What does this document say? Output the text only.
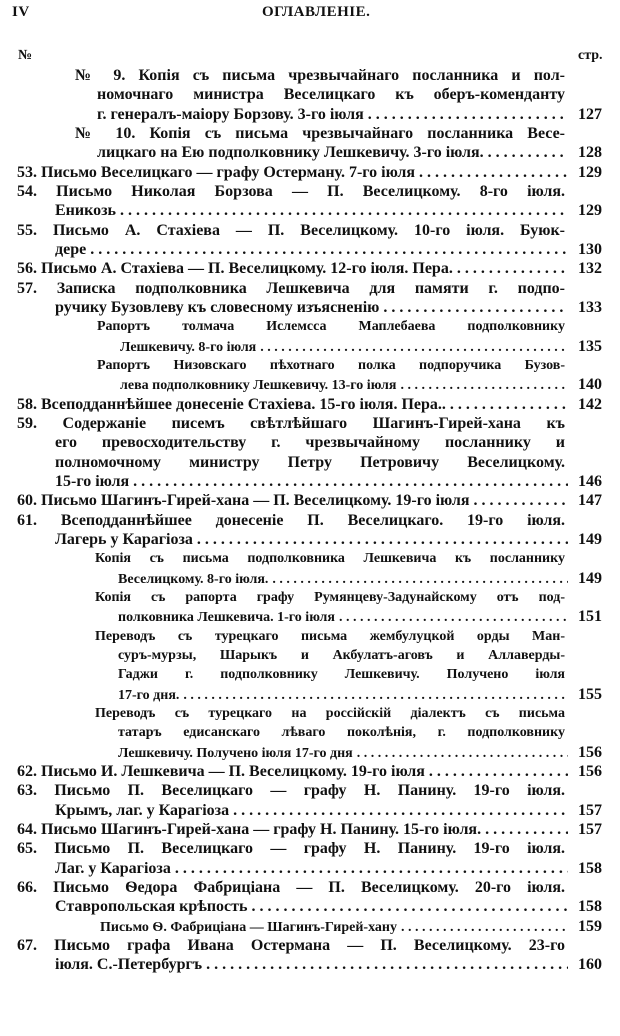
IV	ОГЛАВЛЕНІЕ.
№	стр.
№ 9. Копія съ письма чрезвычайнаго посланника и пол-
номочнаго министра Веселицкаго къ оберъ-коменданту
г. генералъ-маіору Борзову. 3-го іюля . . .	127
№ 10. Копія съ письма чрезвычайнаго посланника Весе-
лицкаго на Ею подполковнику Лешкевичу. 3-го іюля. . . .	128
53. Письмо Веселицкаго — графу Остерману. 7-го іюля . . .	129
54. Письмо Николая Борзова — П. Веселицкому. 8-го іюля.
Еникозь . . .	129
55. Письмо А. Стахіева — П. Веселицкому. 10-го іюля. Буюк-
дере . . .	130
56. Письмо А. Стахіева — П. Веселицкому. 12-го іюля. Пера. . . .	132
57. Записка подполковника Лешкевича для памяти г. подпо-
ручику Бузовлеву къ словесному изъясненію . . .	133
Рапортъ толмача Ислемсса Маплебаева подполковнику
Лешкевичу. 8-го іюля . . .	135
Рапортъ Низовскаго пѣхотнаго полка подпоручика Бузов-
лева подполковнику Лешкевичу. 13-го іюля . . .	140
58. Всеподданнѣйшее донесеніе Стахіева. 15-го іюля. Пера.. . . .	142
59. Содержаніе писемъ свѣтлѣйшаго Шагинъ-Гирей-хана къ
его превосходительству г. чрезвычайному посланнику и
полномочному министру Петру Петровичу Веселицкому.
15-го іюля . . .	146
60. Письмо Шагинъ-Гирей-хана — П. Веселицкому. 19-го іюля . . .	147
61. Всеподданнѣйшее донесеніе П. Веселицкаго. 19-го іюля.
Лагерь у Карагіоза . . .	149
Копія съ письма подполковника Лешкевича къ посланнику
Веселицкому. 8-го іюля. . . .	149
Копія съ рапорта графу Румянцеву-Задунайскому отъ под-
полковника Лешкевича. 1-го іюля . . .	151
Переводъ съ турецкаго письма жембулуцкой орды Ман-
суръ-мурзы, Шарыкъ и Акбулатъ-аговъ и Аллаверды-
Гаджи г. подполковнику Лешкевичу. Получено іюля
17-го дня. . . .	155
Переводъ съ турецкаго на россійскій діалектъ съ письма
татаръ едисанскаго лѣваго поколѣнія, г. подполковнику
Лешкевичу. Получено іюля 17-го дня . . .	156
62. Письмо И. Лешкевича — П. Веселицкому. 19-го іюля . . .	156
63. Письмо П. Веселицкаго — графу Н. Панину. 19-го іюля.
Крымъ, лаг. у Карагіоза . . .	157
64. Письмо Шагинъ-Гирей-хана — графу Н. Панину. 15-го іюля. . . .	157
65. Письмо П. Веселицкаго — графу Н. Панину. 19-го іюля.
Лаг. у Карагіоза . . .	158
66. Письмо Ѳедора Фабриціана — П. Веселицкому. 20-го іюля.
Ставропольская крѣпость . . .	158
Письмо Ѳ. Фабриціана — Шагинъ-Гирей-хану . . .	159
67. Письмо графа Ивана Остермана — П. Веселицкому. 23-го
іюля. С.-Петербургъ . . .	160
